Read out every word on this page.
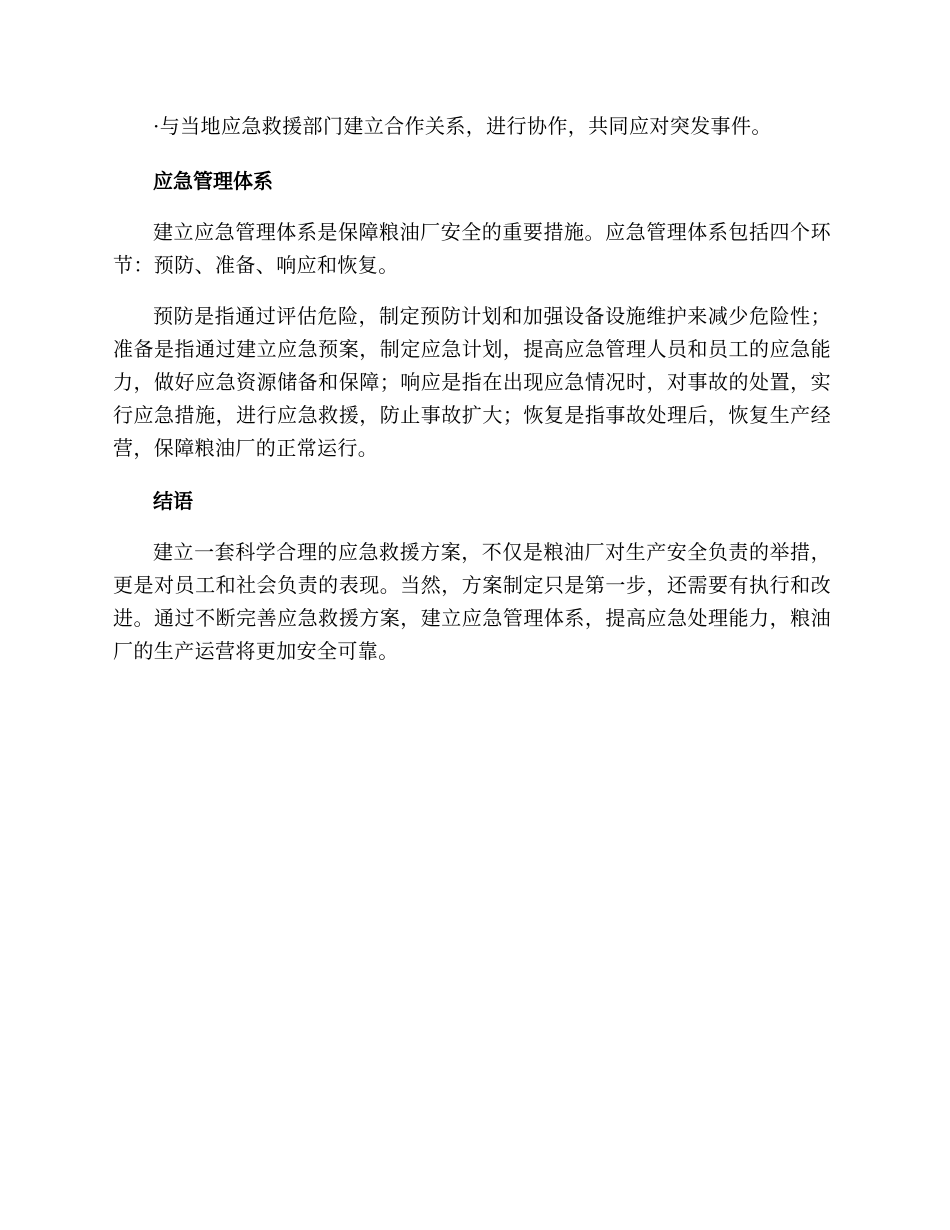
·与当地应急救援部门建立合作关系，进行协作，共同应对突发事件。

应急管理体系

建立应急管理体系是保障粮油厂安全的重要措施。应急管理体系包括四个环节：预防、准备、响应和恢复。

预防是指通过评估危险，制定预防计划和加强设备设施维护来减少危险性；准备是指通过建立应急预案，制定应急计划，提高应急管理人员和员工的应急能力，做好应急资源储备和保障；响应是指在出现应急情况时，对事故的处置，实行应急措施，进行应急救援，防止事故扩大；恢复是指事故处理后，恢复生产经营，保障粮油厂的正常运行。

结语

建立一套科学合理的应急救援方案，不仅是粮油厂对生产安全负责的举措，更是对员工和社会负责的表现。当然，方案制定只是第一步，还需要有执行和改进。通过不断完善应急救援方案，建立应急管理体系，提高应急处理能力，粮油厂的生产运营将更加安全可靠。
